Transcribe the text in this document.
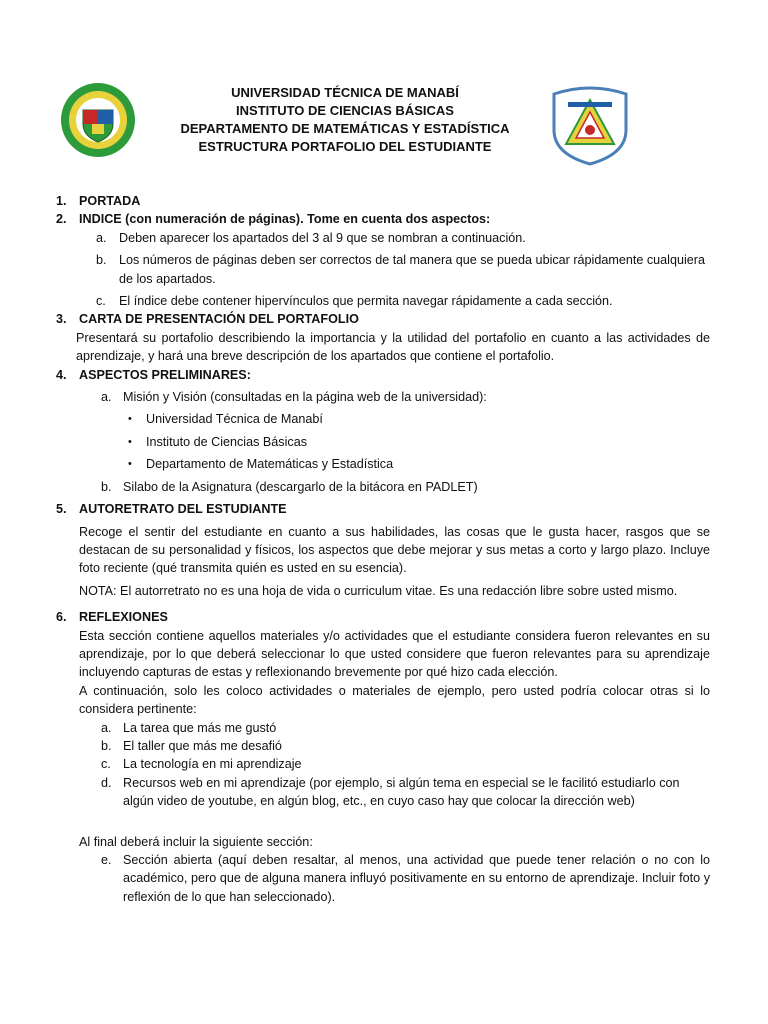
UNIVERSIDAD TÉCNICA DE MANABÍ
INSTITUTO DE CIENCIAS BÁSICAS
DEPARTAMENTO DE MATEMÁTICAS Y ESTADÍSTICA
ESTRUCTURA PORTAFOLIO DEL ESTUDIANTE
1. PORTADA
2. INDICE (con numeración de páginas). Tome en cuenta dos aspectos:
a. Deben aparecer los apartados del 3 al 9 que se nombran a continuación.
b. Los números de páginas deben ser correctos de tal manera que se pueda ubicar rápidamente cualquiera de los apartados.
c. El índice debe contener hipervínculos que permita navegar rápidamente a cada sección.
3. CARTA DE PRESENTACIÓN DEL PORTAFOLIO
Presentará su portafolio describiendo la importancia y la utilidad del portafolio en cuanto a las actividades de aprendizaje, y hará una breve descripción de los apartados que contiene el portafolio.
4. ASPECTOS PRELIMINARES:
a. Misión y Visión (consultadas en la página web de la universidad):
• Universidad Técnica de Manabí
• Instituto de Ciencias Básicas
• Departamento de Matemáticas y Estadística
b. Silabo de la Asignatura (descargarlo de la bitácora en PADLET)
5. AUTORETRATO DEL ESTUDIANTE
Recoge el sentir del estudiante en cuanto a sus habilidades, las cosas que le gusta hacer, rasgos que se destacan de su personalidad y físicos, los aspectos que debe mejorar y sus metas a corto y largo plazo. Incluye foto reciente (qué transmita quién es usted en su esencia).
NOTA: El autorretrato no es una hoja de vida o curriculum vitae. Es una redacción libre sobre usted mismo.
6. REFLEXIONES
Esta sección contiene aquellos materiales y/o actividades que el estudiante considera fueron relevantes en su aprendizaje, por lo que deberá seleccionar lo que usted considere que fueron relevantes para su aprendizaje incluyendo capturas de estas y reflexionando brevemente por qué hizo cada elección.
A continuación, solo les coloco actividades o materiales de ejemplo, pero usted podría colocar otras si lo considera pertinente:
a. La tarea que más me gustó
b. El taller que más me desafió
c. La tecnología en mi aprendizaje
d. Recursos web en mi aprendizaje (por ejemplo, si algún tema en especial se le facilitó estudiarlo con algún video de youtube, en algún blog, etc., en cuyo caso hay que colocar la dirección web)
Al final deberá incluir la siguiente sección:
e. Sección abierta (aquí deben resaltar, al menos, una actividad que puede tener relación o no con lo académico, pero que de alguna manera influyó positivamente en su entorno de aprendizaje. Incluir foto y reflexión de lo que han seleccionado).
